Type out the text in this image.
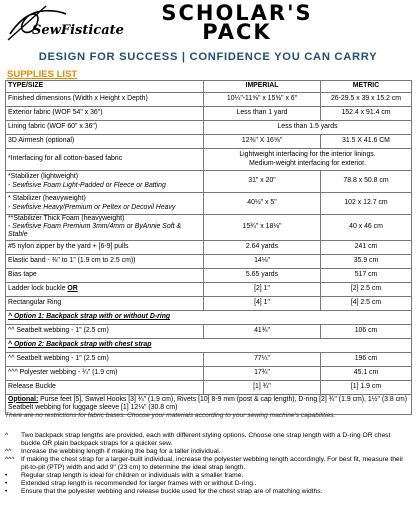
SewFisticated
SCHOLAR'S
PACK
DESIGN FOR SUCCESS | CONFIDENCE YOU CAN CARRY
SUPPLIES LIST
TYPE/SIZE	IMPERIAL	METRIC
Finished dimensions (Width x Height x Depth)	10¼"-11⅝" x 15⅝" x 6"	26-29.5 x 39 x 15.2 cm
Exterior fabric (WOF 54" x 36")	Less than 1 yard	152.4 x 91.4 cm
Lining fabric (WOF 60" x 36")	Less than 1.5 yards	
3D Airmesh (optional)	12⅜" X 16⅝"	31.5 X 41.6 CM
*Interfacing for all cotton-based fabric	Lightweight interfacing for the interior linings.
Medium-weight interfacing for exterior.	

*Stabilizer (lightweight)
- Sewfisive Foam Light-Padded or Fleece or Batting	31" x 20"	78.8 x 50.8 cm

* Stabilizer (heavyweight)
- Sewfisive Heavy/Premium or Peltex or Decovil Heavy	40½" x 5"	102 x 12.7 cm

**Stabilizer Thick Foam (heavyweight)
- Sewfisive Foam Premium 3mm/4mm or ByAnnie Soft & Stable	15¾" x 18⅛"	40 x 46 cm
#5 nylon zipper by the yard + [6-9] pulls	2.64 yards	241 cm
Elastic band - ⅜" to 1" (1.9 cm to 2.5 cm))	14⅛"	35.9 cm
Bias tape	5.65 yards	517 cm
Ladder lock buckle OR	[2] 1"	[2] 2.5 cm
Rectangular Ring	[4] 1"	[4] 2.5 cm
^ Option 1: Backpack strap with or without D-ring		
^^ Seatbelt webbing - 1" (2.5 cm)	41¾"	106 cm
^ Option 2: Backpack strap with chest strap		
^^ Seatbelt webbing - 1" (2.5 cm)	77¼"	196 cm
^^^ Polyester webbing - ¾" (1.9 cm)	17¾"	45.1 cm
Release Buckle	[1] ¾"	[1] 1.9 cm
Optional: Purse feet [5], Swivel Hooks [3] ¾" (1.9 cm), Rivets [10] 8-9 mm (post & cap length), D-ring [2] ¾" (1.9 cm), 1½" (3.8 cm) Seatbelt webbing for luggage sleeve [1] 12⅛" (30.8 cm)		
There are no restrictions for fabric bases. Choose your materials according to your sewing machine's capabilities.
^	Two backpack strap lengths are provided, each with different styling options. Choose one strap length with a D-ring OR chest buckle OR plain backpack straps for a quicker sew.
^^	Increase the webbing length if making the bag for a taller individual.
^^^ If making the chest strap for a larger-built individual, increase the polyester webbing length accordingly. For best fit, measure their pit-to-pit (PTP) width and add 9" (23 cm) to determine the ideal strap length.
•	Regular strap length is ideal for children or individuals with a smaller frame.
•	Extended strap length is recommended for larger frames with or without D-ring..
•	Ensure that the polyester webbing and release buckle used for the chest strap are of matching widths.
